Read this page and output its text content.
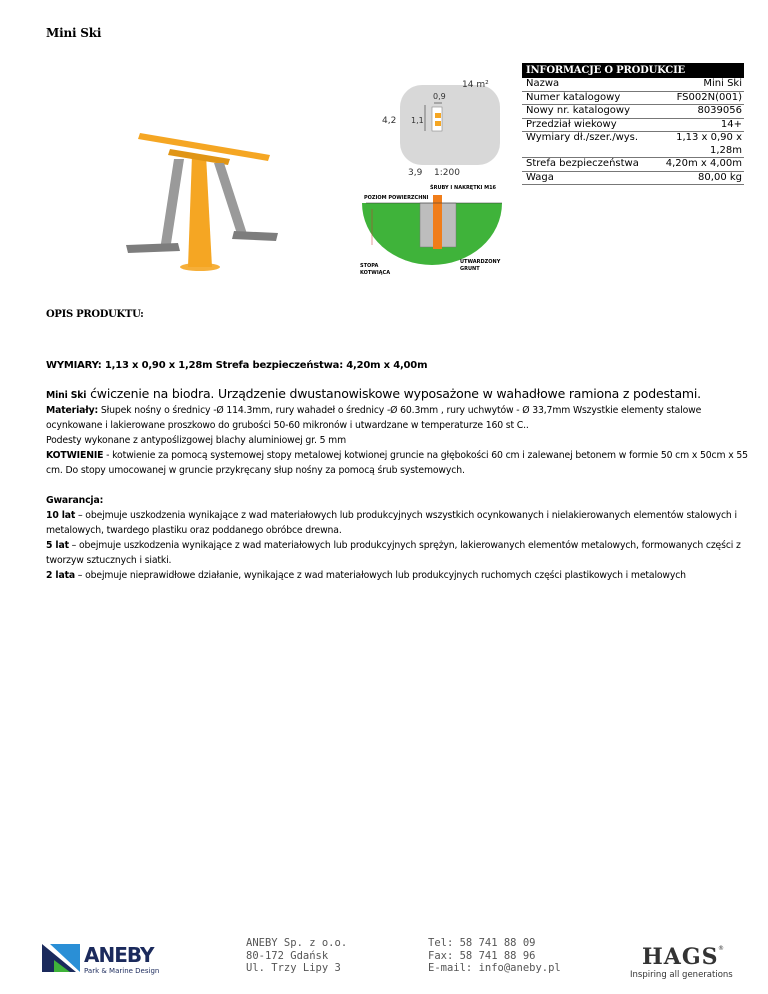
Mini Ski
INFORMACJE O PRODUKCIE
Nazwa	Mini Ski
Numer katalogowy	FS002N(001)
Nowy nr. katalogowy	8039056
Przedział wiekowy	14+
Wymiary dł./szer./wys.	1,13 x 0,90 x 1,28m
Strefa bezpieczeństwa	4,20m x 4,00m
Waga	80,00 kg
14 m²
0,9
4,2 1,1
3,9 1:200
ŚRUBY I NAKRĘTKI M16
POZIOM POWIERZCHNI
STOPA KOTWIĄCA
UTWARDZONY GRUNT
OPIS PRODUKTU:
WYMIARY: 1,13 x 0,90 x 1,28m Strefa bezpieczeństwa: 4,20m x 4,00m

Mini Ski ćwiczenie na biodra. Urządzenie dwustanowiskowe wyposażone w wahadłowe ramiona z podestami.

Materiały: Słupek nośny o średnicy -Ø 114.3mm, rury wahadeł o średnicy -Ø 60.3mm , rury uchwytów - Ø 33,7mm Wszystkie elementy stalowe ocynkowane i lakierowane proszkowo do grubości 50-60 mikronów i utwardzane w temperaturze 160 st C..

Podesty wykonane z antypoślizgowej blachy aluminiowej gr. 5 mm

KOTWIENIE - kotwienie za pomocą systemowej stopy metalowej kotwionej gruncie na głębokości 60 cm i zalewanej betonem w formie 50 cm x 50cm x 55 cm. Do stopy umocowanej w gruncie przykręcany słup nośny za pomocą śrub systemowych.

Gwarancja:

10 lat – obejmuje uszkodzenia wynikające z wad materiałowych lub produkcyjnych wszystkich ocynkowanych i nielakierowanych elementów stalowych i metalowych, twardego plastiku oraz poddanego obróbce drewna.

5 lat – obejmuje uszkodzenia wynikające z wad materiałowych lub produkcyjnych sprężyn, lakierowanych elementów metalowych, formowanych części z tworzyw sztucznych i siatki.

2 lata – obejmuje nieprawidłowe działanie, wynikające z wad materiałowych lub produkcyjnych ruchomych części plastikowych i metalowych

ANEBY
Park & Marine Design
ANEBY Sp. z o.o.
80-172 Gdańsk
Ul. Trzy Lipy 3
Tel: 58 741 88 09
Fax: 58 741 88 96
E-mail: info@aneby.pl	HAGS ®
Inspiring all generations
